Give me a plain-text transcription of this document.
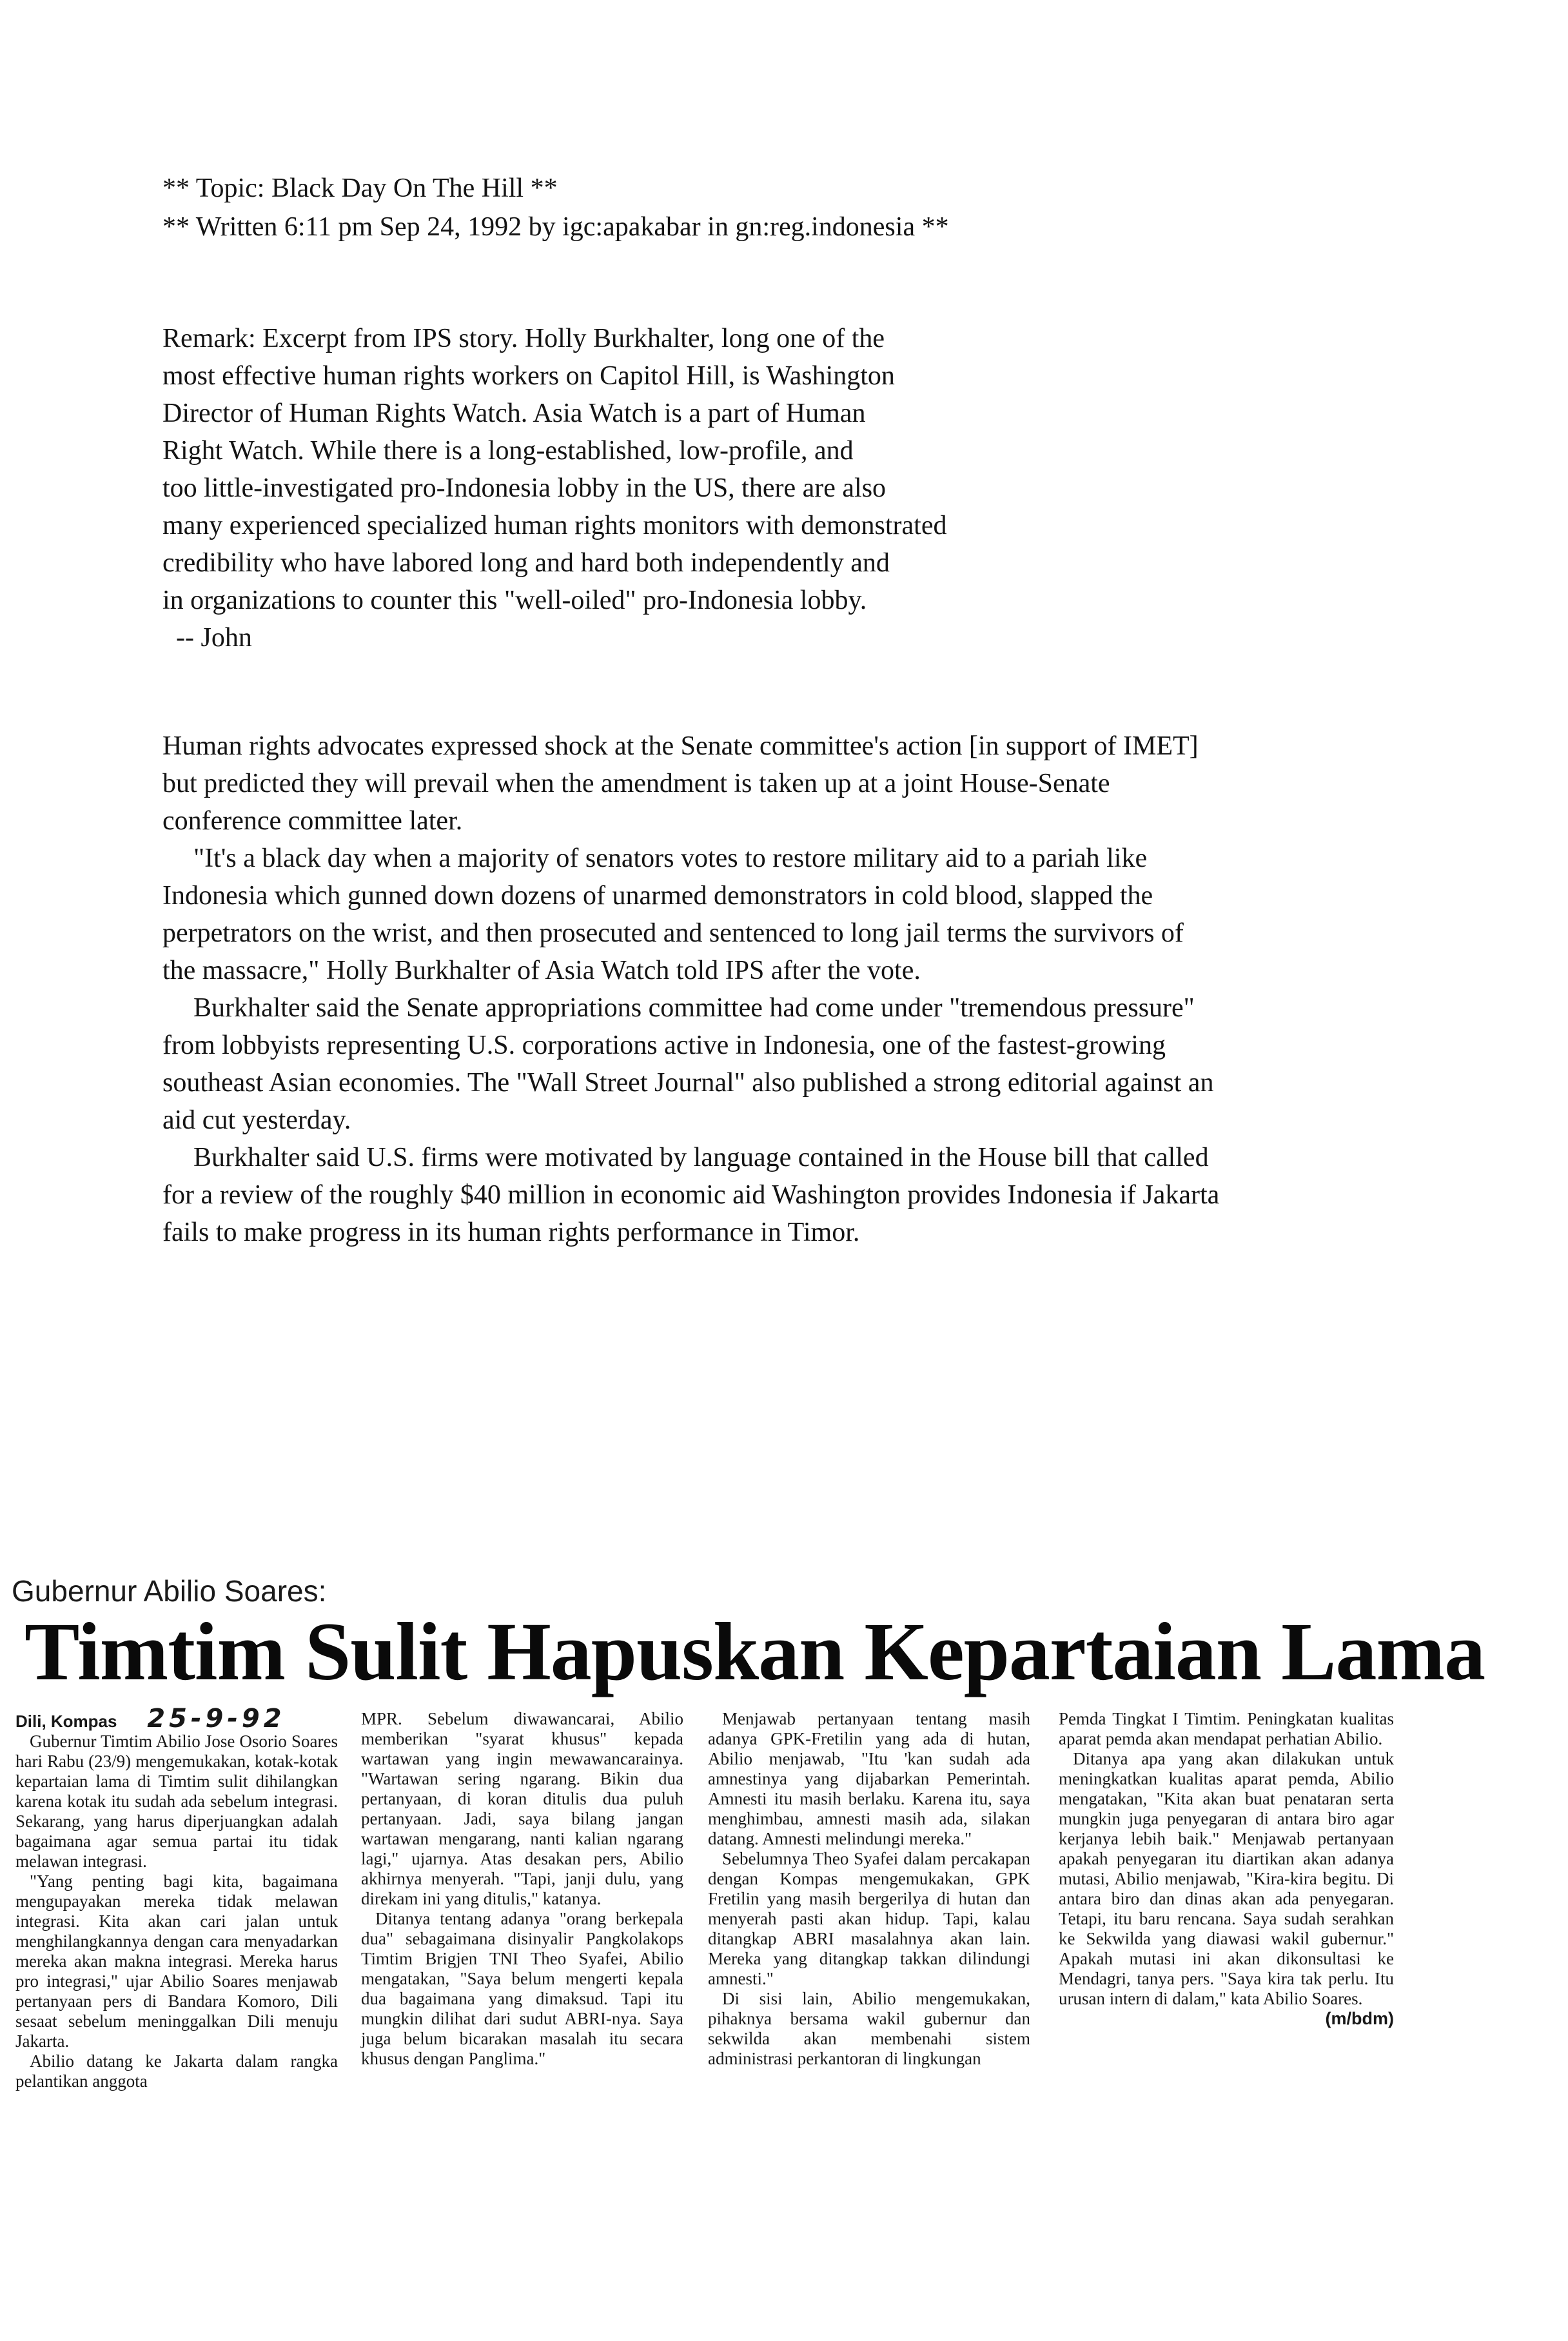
** Topic: Black Day On The Hill **

** Written 6:11 pm Sep 24, 1992 by igc:apakabar in gn:reg.indonesia **

Remark: Excerpt from IPS story. Holly Burkhalter, long one of the

most effective human rights workers on Capitol Hill, is Washington

Director of Human Rights Watch. Asia Watch is a part of Human

Right Watch. While there is a long-established, low-profile, and

too little-investigated pro-Indonesia lobby in the US, there are also

many experienced specialized human rights monitors with demonstrated

credibility who have labored long and hard both independently and

in organizations to counter this "well-oiled" pro-Indonesia lobby.

-- John

Human rights advocates expressed shock at the Senate committee's action [in support of IMET] but predicted they will prevail when the amendment is taken up at a joint House-Senate conference committee later.

"It's a black day when a majority of senators votes to restore military aid to a pariah like Indonesia which gunned down dozens of unarmed demonstrators in cold blood, slapped the perpetrators on the wrist, and then prosecuted and sentenced to long jail terms the survivors of the massacre," Holly Burkhalter of Asia Watch told IPS after the vote.

Burkhalter said the Senate appropriations committee had come under "tremendous pressure" from lobbyists representing U.S. corporations active in Indonesia, one of the fastest-growing southeast Asian economies. The "Wall Street Journal" also published a strong editorial against an aid cut yesterday.

Burkhalter said U.S. firms were motivated by language contained in the House bill that called for a review of the roughly $40 million in economic aid Washington provides Indonesia if Jakarta fails to make progress in its human rights performance in Timor.

Gubernur Abilio Soares:
Timtim Sulit Hapuskan Kepartaian Lama

Dili, Kompas 25-9-92

Gubernur Timtim Abilio Jose Osorio Soares hari Rabu (23/9) mengemukakan, kotak-kotak kepartaian lama di Timtim sulit dihilangkan karena kotak itu sudah ada sebelum integrasi. Sekarang, yang harus diperjuangkan adalah bagaimana agar semua partai itu tidak melawan integrasi.

"Yang penting bagi kita, bagaimana mengupayakan mereka tidak melawan integrasi. Kita akan cari jalan untuk menghilangkannya dengan cara menyadarkan mereka akan makna integrasi. Mereka harus pro integrasi," ujar Abilio Soares menjawab pertanyaan pers di Bandara Komoro, Dili sesaat sebelum meninggalkan Dili menuju Jakarta.

Abilio datang ke Jakarta dalam rangka pelantikan anggota

MPR. Sebelum diwawancarai, Abilio memberikan "syarat khusus" kepada wartawan yang ingin mewawancarainya. "Wartawan sering ngarang. Bikin dua pertanyaan, di koran ditulis dua puluh pertanyaan. Jadi, saya bilang jangan wartawan mengarang, nanti kalian ngarang lagi," ujarnya. Atas desakan pers, Abilio akhirnya menyerah. "Tapi, janji dulu, yang direkam ini yang ditulis," katanya.

Ditanya tentang adanya "orang berkepala dua" sebagaimana disinyalir Pangkolakops Timtim Brigjen TNI Theo Syafei, Abilio mengatakan, "Saya belum mengerti kepala dua bagaimana yang dimaksud. Tapi itu mungkin dilihat dari sudut ABRI-nya. Saya juga belum bicarakan masalah itu secara khusus dengan Panglima."

Menjawab pertanyaan tentang masih adanya GPK-Fretilin yang ada di hutan, Abilio menjawab, "Itu 'kan sudah ada amnestinya yang dijabarkan Pemerintah. Amnesti itu masih berlaku. Karena itu, saya menghimbau, amnesti masih ada, silakan datang. Amnesti melindungi mereka."

Sebelumnya Theo Syafei dalam percakapan dengan Kompas mengemukakan, GPK Fretilin yang masih bergerilya di hutan dan menyerah pasti akan hidup. Tapi, kalau ditangkap ABRI masalahnya akan lain. Mereka yang ditangkap takkan dilindungi amnesti."

Di sisi lain, Abilio mengemukakan, pihaknya bersama wakil gubernur dan sekwilda akan membenahi sistem administrasi perkantoran di lingkungan

Pemda Tingkat I Timtim. Peningkatan kualitas aparat pemda akan mendapat perhatian Abilio.

Ditanya apa yang akan dilakukan untuk meningkatkan kualitas aparat pemda, Abilio mengatakan, "Kita akan buat penataran serta mungkin juga penyegaran di antara biro agar kerjanya lebih baik." Menjawab pertanyaan apakah penyegaran itu diartikan akan adanya mutasi, Abilio menjawab, "Kira-kira begitu. Di antara biro dan dinas akan ada penyegaran. Tetapi, itu baru rencana. Saya sudah serahkan ke Sekwilda yang diawasi wakil gubernur." Apakah mutasi ini akan dikonsultasi ke Mendagri, tanya pers. "Saya kira tak perlu. Itu urusan intern di dalam," kata Abilio Soares.

(m/bdm)
